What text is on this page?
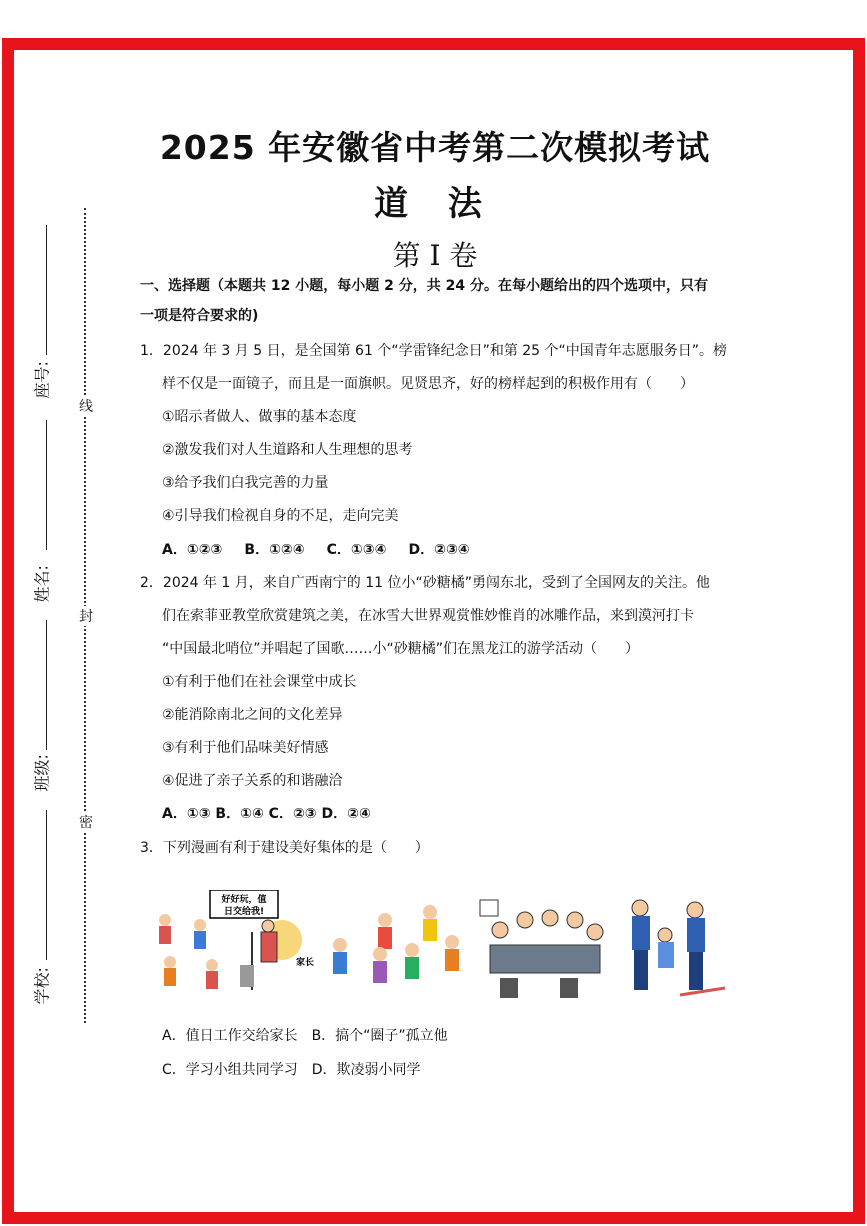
座号:
姓名:
班级:
学校:
线
封
密
2025 年安徽省中考第二次模拟考试
道 法
第 I 卷
一、选择题（本题共 12 小题，每小题 2 分，共 24 分。在每小题给出的四个选项中，只有
一项是符合要求的)
1．2024 年 3 月 5 日，是全国第 61 个“学雷锋纪念日”和第 25 个“中国青年志愿服务日”。榜
样不仅是一面镜子，而且是一面旗帜。见贤思齐，好的榜样起到的积极作用有（　　）
①昭示者做人、做事的基本态度
②激发我们对人生道路和人生理想的思考
③给予我们白我完善的力量
④引导我们检视自身的不足，走向完美
A．①②③ B．①②④ C．①③④ D．②③④
2．2024 年 1 月，来自广西南宁的 11 位小“砂糖橘”勇闯东北，受到了全国网友的关注。他
们在索菲亚教堂欣赏建筑之美，在冰雪大世界观赏惟妙惟肖的冰雕作品，来到漠河打卡
“中国最北哨位”并唱起了国歌……小“砂糖橘”们在黑龙江的游学活动（　　）
①有利于他们在社会课堂中成长
②能消除南北之间的文化差异
③有利于他们品味美好情感
④促进了亲子关系的和谐融洽
A．①③ B．①④ C．②③ D．②④
3．下列漫画有利于建设美好集体的是（　　）
好好玩，值
日交给我!
家长
A．值日工作交给家长　B．搞个“圈子”孤立他
C．学习小组共同学习　D．欺凌弱小同学
